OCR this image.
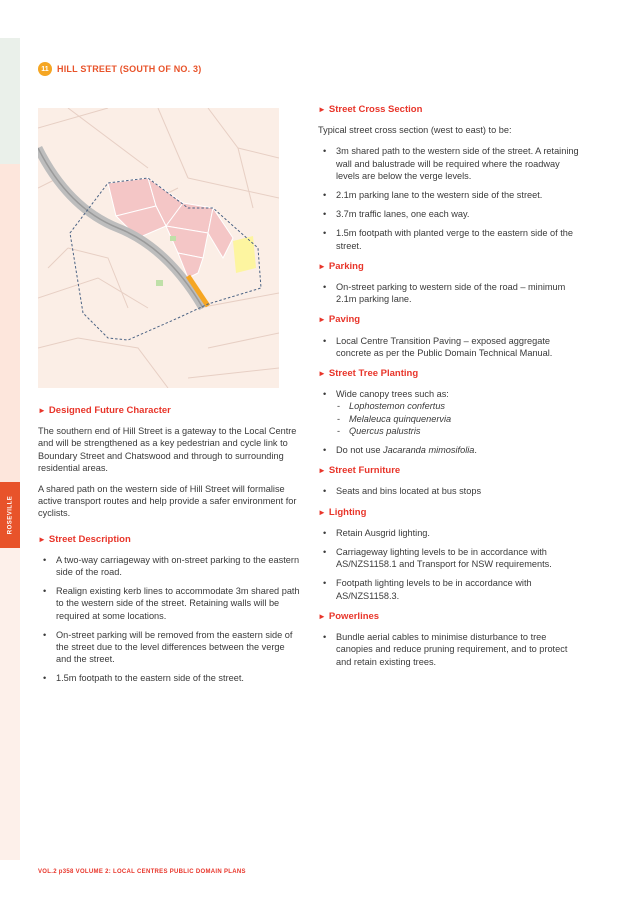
ROSEVILLE
11 HILL STREET (SOUTH OF NO. 3)
► Designed Future Character

The southern end of Hill Street is a gateway to the Local Centre and will be strengthened as a key pedestrian and cycle link to Boundary Street and Chatswood and through to surrounding residential areas.

A shared path on the western side of Hill Street will formalise active transport routes and help provide a safer environment for cyclists.

► Street Description
• A two-way carriageway with on-street parking to the eastern side of the road.
• Realign existing kerb lines to accommodate 3m shared path to the western side of the street. Retaining walls will be required at some locations.
• On-street parking will be removed from the eastern side of the street due to the level differences between the verge and the street.
• 1.5m footpath to the eastern side of the street.
► Street Cross Section

Typical street cross section (west to east) to be:

• 3m shared path to the western side of the street. A retaining wall and balustrade will be required where the roadway levels are below the verge levels.
• 2.1m parking lane to the western side of the street.
• 3.7m traffic lanes, one each way.
• 1.5m footpath with planted verge to the eastern side of the street.
► Parking
• On-street parking to western side of the road – minimum 2.1m parking lane.
► Paving
• Local Centre Transition Paving – exposed aggregate concrete as per the Public Domain Technical Manual.
► Street Tree Planting
• Wide canopy trees such as:
- Lophostemon confertus
- Melaleuca quinquenervia
- Quercus palustris
• Do not use Jacaranda mimosifolia.
► Street Furniture
• Seats and bins located at bus stops
► Lighting
• Retain Ausgrid lighting.
• Carriageway lighting levels to be in accordance with AS/NZS1158.1 and Transport for NSW requirements.
• Footpath lighting levels to be in accordance with AS/NZS1158.3.
► Powerlines
• Bundle aerial cables to minimise disturbance to tree canopies and reduce pruning requirement, and to protect and retain existing trees.
VOL.2 p358 VOLUME 2: LOCAL CENTRES PUBLIC DOMAIN PLANS
